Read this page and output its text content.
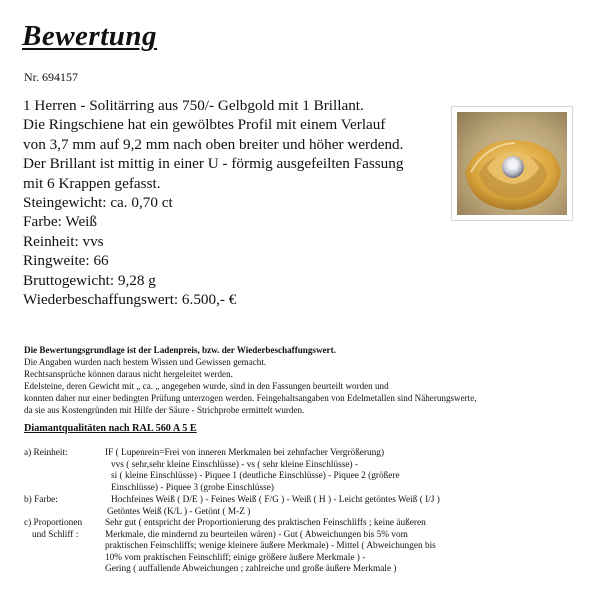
Bewertung
Nr. 694157
1 Herren - Solitärring aus 750/- Gelbgold mit 1 Brillant.
Die Ringschiene hat ein gewölbtes Profil mit einem Verlauf
von 3,7 mm auf 9,2 mm nach oben breiter und höher werdend.
Der Brillant ist mittig in einer U - förmig ausgefeilten Fassung
mit 6 Krappen gefasst.
Steingewicht: ca. 0,70 ct
Farbe: Weiß
Reinheit: vvs
Ringweite: 66
Bruttogewicht: 9,28 g
Wiederbeschaffungswert: 6.500,- €
Die Bewertungsgrundlage ist der Ladenpreis, bzw. der Wiederbeschaffungswert.
Die Angaben wurden nach bestem Wissen und Gewissen gemacht.
Rechtsansprüche können daraus nicht hergeleitet werden.
Edelsteine, deren Gewicht mit „ ca. „ angegeben wurde, sind in den Fassungen beurteilt worden und
konnten daher nur einer bedingten Prüfung unterzogen werden. Feingehaltsangaben von Edelmetallen sind Näherungswerte,
da sie aus Kostengründen mit Hilfe der Säure - Strichprobe ermittelt wurden.
Diamantqualitäten nach RAL 560 A 5 E
a) Reinheit:	IF ( Lupenrein=Frei von inneren Merkmalen bei zehnfacher Vergrößerung)
vvs ( sehr,sehr kleine Einschlüsse) - vs ( sehr kleine Einschlüsse) -
si ( kleine Einschlüsse) - Piquee 1 (deutliche Einschlüsse) - Piquee 2 (größere
Einschlüsse) - Piquee 3 (grobe Einschlüsse)
b) Farbe:	Hochfeines Weiß ( D/E ) - Feines Weiß ( F/G ) - Weiß ( H ) - Leicht getöntes Weiß ( I/J )
Getöntes Weiß (K/L ) - Getönt ( M-Z )
c) Proportionen
und Schliff :
Sehr gut ( entspricht der Proportionierung des praktischen Feinschliffs ; keine äußeren
Merkmale, die mindernd zu beurteilen wären) - Gut ( Abweichungen bis 5% vom
praktischen Feinschliffs; wenige kleinere äußere Merkmale) - Mittel ( Abweichungen bis
10% vom praktischen Feinschliff; einige größere äußere Merkmale ) -
Gering ( auffallende Abweichungen ; zahlreiche und große äußere Merkmale )
